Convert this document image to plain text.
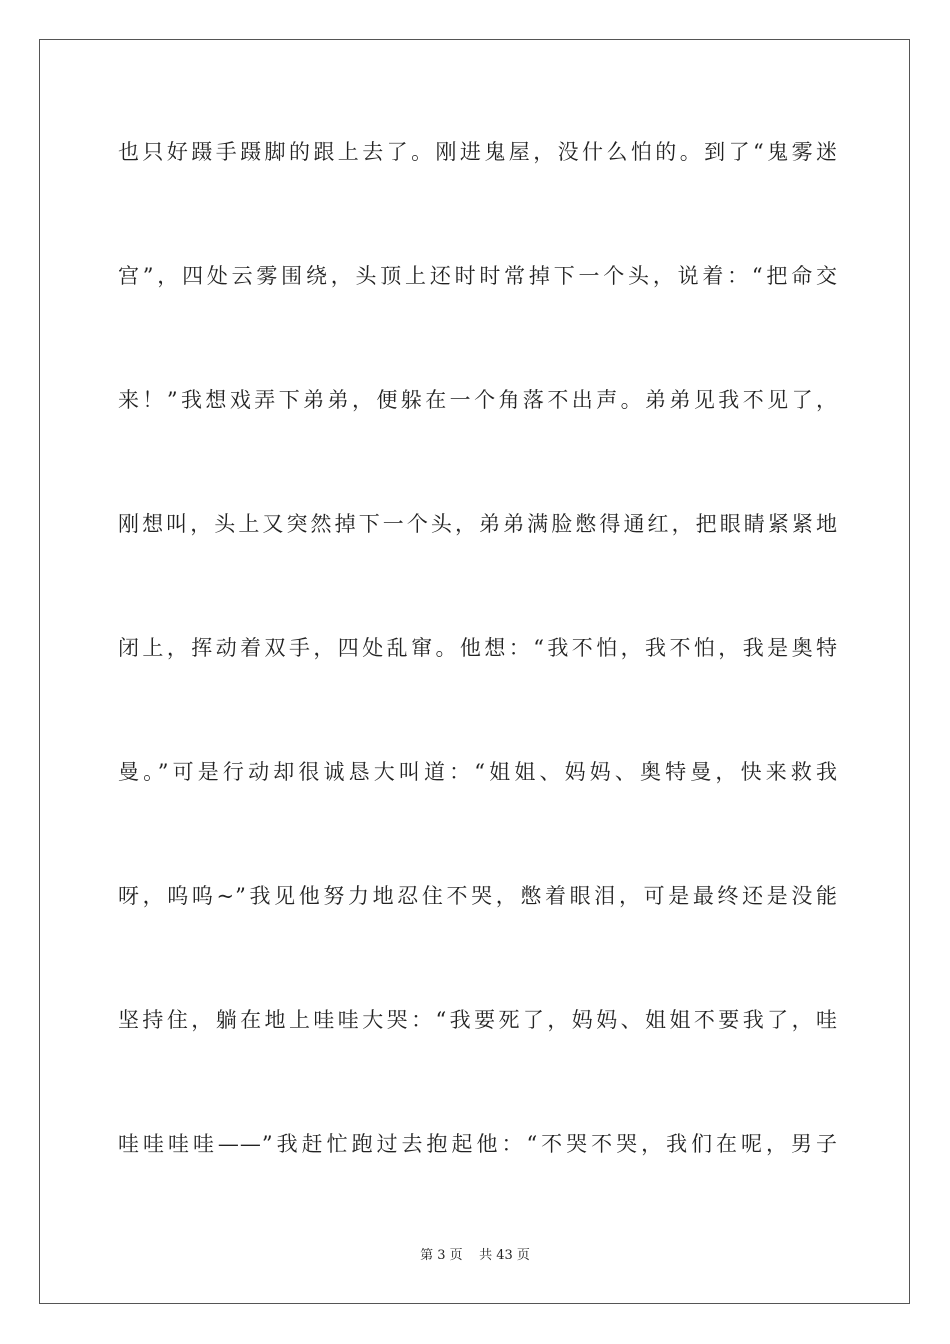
也只好蹑手蹑脚的跟上去了。刚进鬼屋，没什么怕的。到了“鬼雾迷
宫”，四处云雾围绕，头顶上还时时常掉下一个头，说着：“把命交
来！”我想戏弄下弟弟，便躲在一个角落不出声。弟弟见我不见了，
刚想叫，头上又突然掉下一个头，弟弟满脸憋得通红，把眼睛紧紧地
闭上，挥动着双手，四处乱窜。他想：“我不怕，我不怕，我是奥特
曼。”可是行动却很诚恳大叫道：“姐姐、妈妈、奥特曼，快来救我
呀，呜呜~”我见他努力地忍住不哭，憋着眼泪，可是最终还是没能
坚持住，躺在地上哇哇大哭：“我要死了，妈妈、姐姐不要我了，哇
哇哇哇哇——”我赶忙跑过去抱起他：“不哭不哭，我们在呢，男子
第 3 页    共 43 页
